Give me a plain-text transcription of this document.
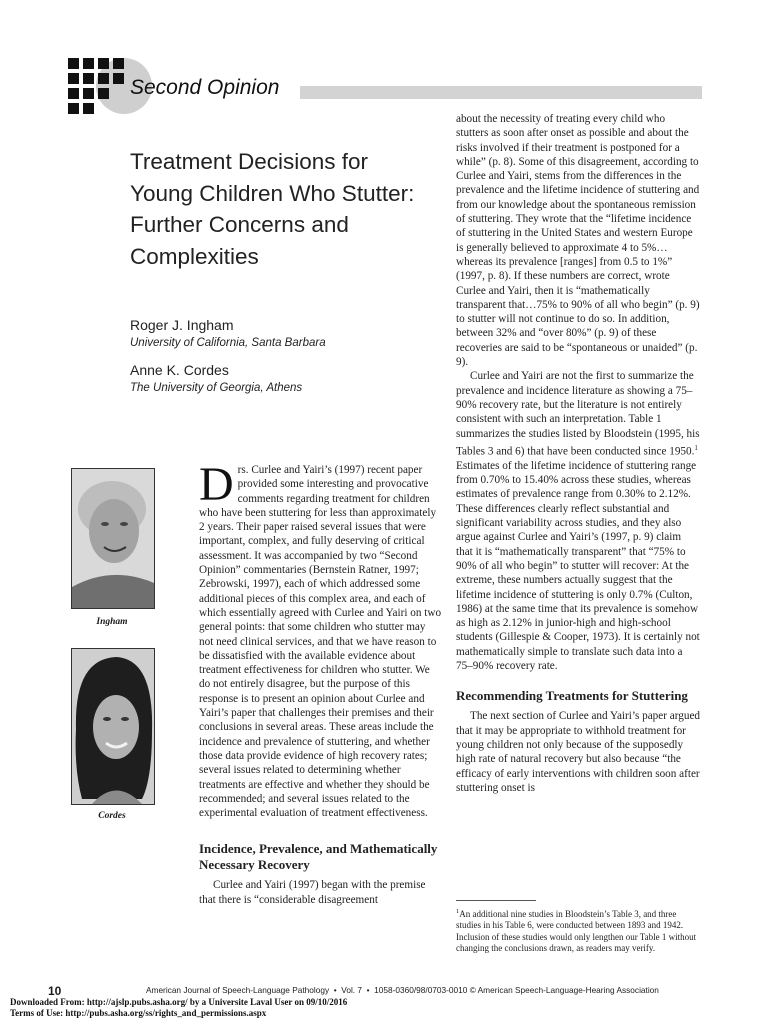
Second Opinion
Treatment Decisions for Young Children Who Stutter: Further Concerns and Complexities
Roger J. Ingham
University of California, Santa Barbara
Anne K. Cordes
The University of Georgia, Athens
Ingham
Cordes

Drs. Curlee and Yairi’s (1997) recent paper provided some interesting and provocative comments regarding treatment for children who have been stuttering for less than approximately 2 years. Their paper raised several issues that were important, complex, and fully deserving of critical assessment. It was accompanied by two “Second Opinion” commentaries (Bernstein Ratner, 1997; Zebrowski, 1997), each of which addressed some additional pieces of this complex area, and each of which essentially agreed with Curlee and Yairi on two general points: that some children who stutter may not need clinical services, and that we have reason to be dissatisfied with the available evidence about treatment effectiveness for children who stutter. We do not entirely disagree, but the purpose of this response is to present an opinion about Curlee and Yairi’s paper that challenges their premises and their conclusions in several areas. These areas include the incidence and prevalence of stuttering, and whether those data provide evidence of high recovery rates; several issues related to determining whether treatments are effective and whether they should be recommended; and several issues related to the experimental evaluation of treatment effectiveness.

Incidence, Prevalence, and Mathematically Necessary Recovery

Curlee and Yairi (1997) began with the premise that there is “considerable disagreement

about the necessity of treating every child who stutters as soon after onset as possible and about the risks involved if their treatment is postponed for a while” (p. 8). Some of this disagreement, according to Curlee and Yairi, stems from the differences in the prevalence and the lifetime incidence of stuttering and from our knowledge about the spontaneous remission of stuttering. They wrote that the “lifetime incidence of stuttering in the United States and western Europe is generally believed to approximate 4 to 5%…whereas its prevalence [ranges] from 0.5 to 1%” (1997, p. 8). If these numbers are correct, wrote Curlee and Yairi, then it is “mathematically transparent that…75% to 90% of all who begin” (p. 9) to stutter will not continue to do so. In addition, between 32% and “over 80%” (p. 9) of these recoveries are said to be “spontaneous or unaided” (p. 9).

Curlee and Yairi are not the first to summarize the prevalence and incidence literature as showing a 75–90% recovery rate, but the literature is not entirely consistent with such an interpretation. Table 1 summarizes the studies listed by Bloodstein (1995, his Tables 3 and 6) that have been conducted since 1950.$^1$ Estimates of the lifetime incidence of stuttering range from 0.70% to 15.40% across these studies, whereas estimates of prevalence range from 0.30% to 2.12%. These differences clearly reflect substantial and significant variability across studies, and they also argue against Curlee and Yairi’s (1997, p. 9) claim that it is “mathematically transparent” that “75% to 90% of all who begin” to stutter will recover: At the extreme, these numbers actually suggest that the lifetime incidence of stuttering is only 0.7% (Culton, 1986) at the same time that its prevalence is somehow as high as 2.12% in junior-high and high-school students (Gillespie & Cooper, 1973). It is certainly not mathematically simple to translate such data into a 75–90% recovery rate.

Recommending Treatments for Stuttering

The next section of Curlee and Yairi’s paper argued that it may be appropriate to withhold treatment for young children not only because of the supposedly high rate of natural recovery but also because “the efficacy of early interventions with children soon after stuttering onset is

$^1$An additional nine studies in Bloodstein’s Table 3, and three studies in his Table 6, were conducted between 1893 and 1942. Inclusion of these studies would only lengthen our Table 1 without changing the conclusions drawn, as readers may verify.
10	American Journal of Speech-Language Pathology  •  Vol. 7  •  1058-0360/98/0703-0010 © American Speech-Language-Hearing Association
Downloaded From: http://ajslp.pubs.asha.org/ by a Universite Laval User on 09/10/2016
Terms of Use: http://pubs.asha.org/ss/rights_and_permissions.aspx
